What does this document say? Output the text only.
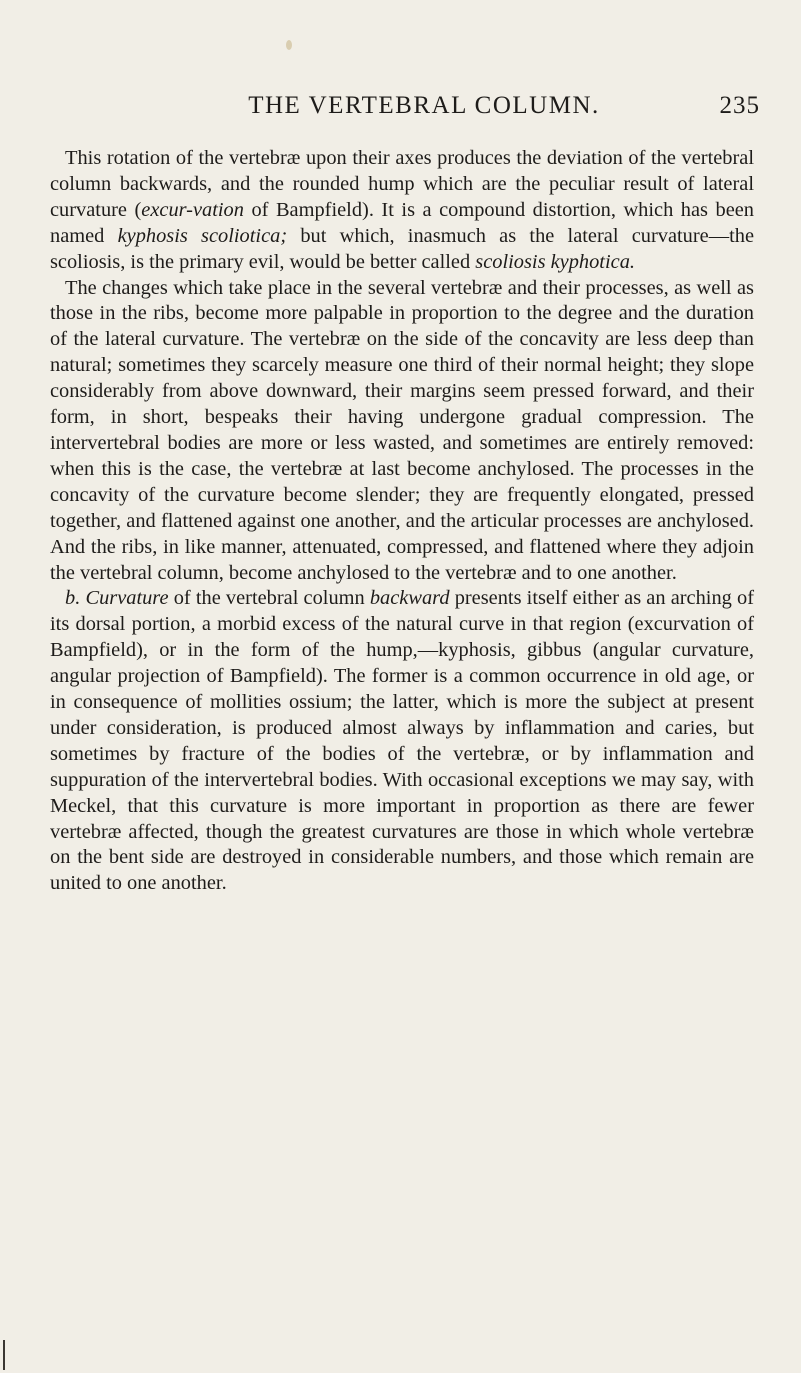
THE VERTEBRAL COLUMN.	235

This rotation of the vertebræ upon their axes produces the deviation of the vertebral column backwards, and the rounded hump which are the peculiar result of lateral curvature (excur-vation of Bampfield). It is a compound distortion, which has been named kyphosis scoliotica; but which, inasmuch as the lateral curvature—the scoliosis, is the primary evil, would be better called scoliosis kyphotica.

The changes which take place in the several vertebræ and their processes, as well as those in the ribs, become more palpable in proportion to the degree and the duration of the lateral curvature. The vertebræ on the side of the concavity are less deep than natural; sometimes they scarcely measure one third of their normal height; they slope considerably from above downward, their margins seem pressed forward, and their form, in short, bespeaks their having undergone gradual compression. The intervertebral bodies are more or less wasted, and sometimes are entirely removed: when this is the case, the vertebræ at last become anchylosed. The processes in the concavity of the curvature become slender; they are frequently elongated, pressed together, and flattened against one another, and the articular processes are anchylosed. And the ribs, in like manner, attenuated, compressed, and flattened where they adjoin the vertebral column, become anchylosed to the vertebræ and to one another.

b. Curvature of the vertebral column backward presents itself either as an arching of its dorsal portion, a morbid excess of the natural curve in that region (excurvation of Bampfield), or in the form of the hump,—kyphosis, gibbus (angular curvature, angular projection of Bampfield). The former is a common occurrence in old age, or in consequence of mollities ossium; the latter, which is more the subject at present under consideration, is produced almost always by inflammation and caries, but sometimes by fracture of the bodies of the vertebræ, or by inflammation and suppuration of the intervertebral bodies. With occasional exceptions we may say, with Meckel, that this curvature is more important in proportion as there are fewer vertebræ affected, though the greatest curvatures are those in which whole vertebræ on the bent side are destroyed in considerable numbers, and those which remain are united to one another.
